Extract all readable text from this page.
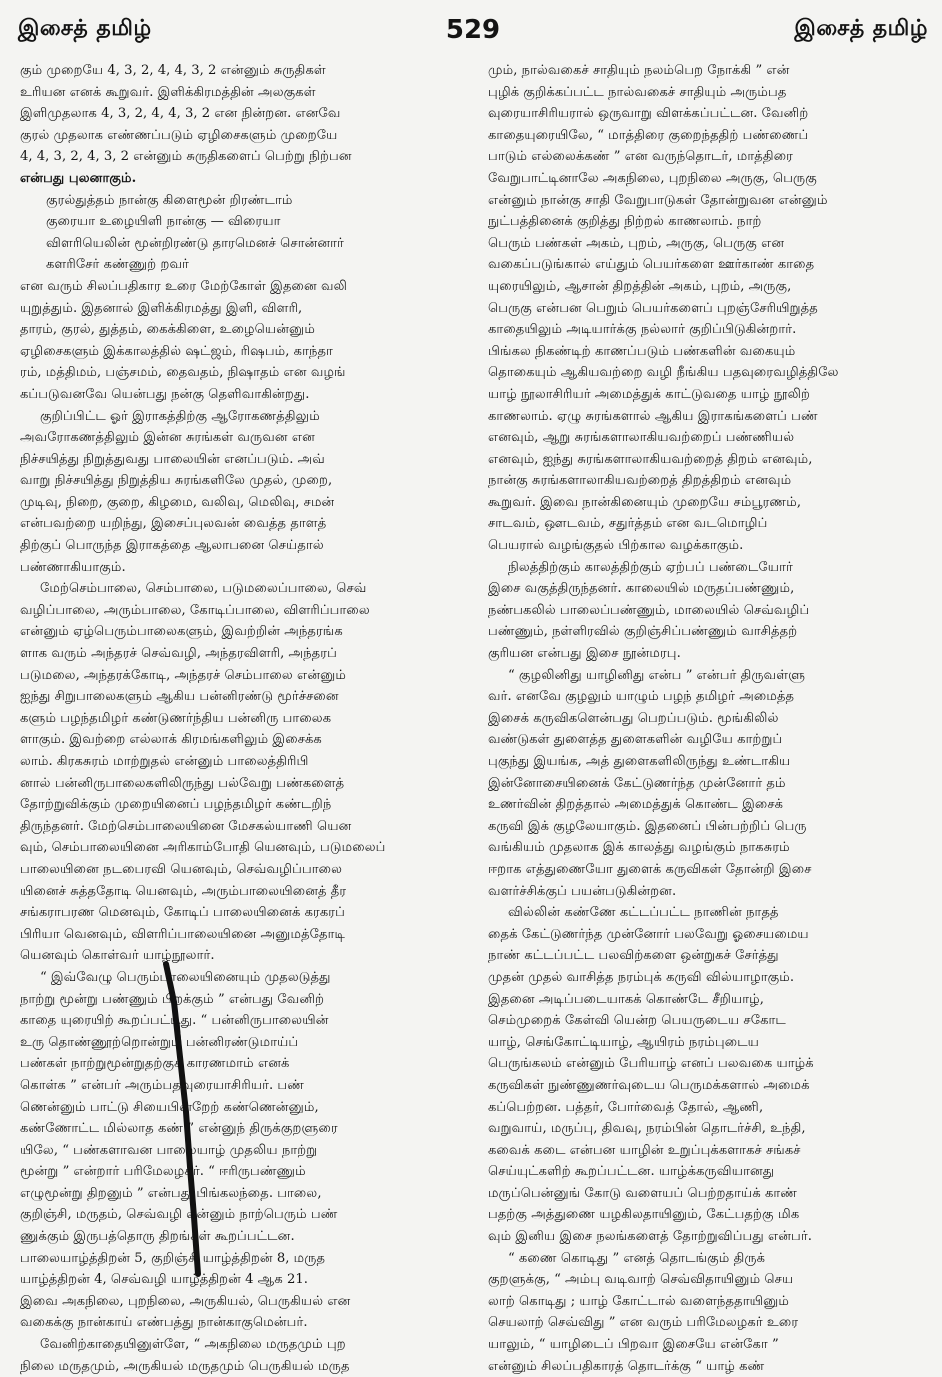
இசைத் தமிழ்	529	இசைத் தமிழ்
கும் முறையே 4, 3, 2, 4, 4, 3, 2 என்னும் சுருதிகள்
உரியன எனக் கூறுவர். இளிக்கிரமத்தின் அலகுகள்
இளிமுதலாக 4, 3, 2, 4, 4, 3, 2 என நின்றன. எனவே
குரல் முதலாக எண்ணப்படும் ஏழிசைகளும் முறையே
4, 4, 3, 2, 4, 3, 2 என்னும் சுருதிகளைப் பெற்று நிற்பன
என்பது புலனாகும்.
குரல்துத்தம் நான்கு கிளைமூன் றிரண்டாம்
குரையா உழையிளி நான்கு — விரையா
விளரியெலின் மூன்றிரண்டு தாரமெனச் சொன்னார்
களரிசேர் கண்ணுற் றவர்
என வரும் சிலப்பதிகார உரை மேற்கோள் இதனை வலி
யுறுத்தும். இதனால் இளிக்கிரமத்து இளி, விளரி,
தாரம், குரல், துத்தம், கைக்கிளை, உழையென்னும்
ஏழிசைகளும் இக்காலத்தில் ஷட்ஜம், ரிஷபம், காந்தா
ரம், மத்திமம், பஞ்சமம், தைவதம், நிஷாதம் என வழங்
கப்படுவனவே யென்பது நன்கு தெளிவாகின்றது.
குறிப்பிட்ட ஓர் இராகத்திற்கு ஆரோகணத்திலும்
அவரோகணத்திலும் இன்ன சுரங்கள் வருவன என
நிச்சயித்து நிறுத்துவது பாலையின் எனப்படும். அவ்
வாறு நிச்சயித்து நிறுத்திய சுரங்களிலே முதல், முறை,
முடிவு, நிறை, குறை, கிழமை, வலிவு, மெலிவு, சமன்
என்பவற்றை யறிந்து, இசைப்புலவன் வைத்த தாளத்
திற்குப் பொருந்த இராகத்தை ஆலாபனை செய்தால்
பண்ணாகியாகும்.
மேற்செம்பாலை, செம்பாலை, படுமலைப்பாலை, செவ்
வழிப்பாலை, அரும்பாலை, கோடிப்பாலை, விளரிப்பாலை
என்னும் ஏழ்பெரும்பாலைகளும், இவற்றின் அந்தரங்க
ளாக வரும் அந்தரச் செவ்வழி, அந்தரவிளரி, அந்தரப்
படுமலை, அந்தரக்கோடி, அந்தரச் செம்பாலை என்னும்
ஐந்து சிறுபாலைகளும் ஆகிய பன்னிரண்டு மூர்ச்சனை
களும் பழந்தமிழர் கண்டுணர்ந்திய பன்னிரு பாலைக
ளாகும். இவற்றை எல்லாக் கிரமங்களிலும் இசைக்க
லாம். கிரகசுரம் மாற்றுதல் என்னும் பாலைத்திரிபி
னால் பன்னிருபாலைகளிலிருந்து பல்வேறு பண்களைத்
தோற்றுவிக்கும் முறையினைப் பழந்தமிழர் கண்டறிந்
திருந்தனர். மேற்செம்பாலையினை மேசகல்யாணி யென
வும், செம்பாலையினை அரிகாம்போதி யெனவும், படுமலைப்
பாலையினை நடபைரவி யெனவும், செவ்வழிப்பாலை
யினைச் சுத்ததோடி யெனவும், அரும்பாலையினைத் தீர
சங்கராபரண மெனவும், கோடிப் பாலையினைக் கரகரப்
பிரியா வெனவும், விளரிப்பாலையினை அனுமத்தோடி
யெனவும் கொள்வர் யாழ்நூலார்.
“ இவ்வேழு பெரும்பாலையினையும் முதலடுத்து
நாற்று மூன்று பண்ணும் பிறக்கும் ” என்பது வேனிற்
காதை யுரையிற் கூறப்பட்டது. “ பன்னிருபாலையின்
உரு தொண்ணூற்றொன்றும் பன்னிரண்டுமாய்ப்
பண்கள் நாற்றுமூன்றுதற்குக் காரணமாம் எனக்
கொள்க ” என்பர் அரும்பதவுரையாசிரியர். பண்
ணென்னும் பாட்டு சியைபின்றேற் கண்ணென்னும்,
கண்ணோட்ட மில்லாத கண் ” என்னுந் திருக்குறளுரை
யிலே, “ பண்களாவன பாலையாழ் முதலிய நாற்று
மூன்று ” என்றார் பரிமேலழகர். “ ஈரிருபண்ணும்
எழுமூன்று திறனும் ” என்பது பிங்கலந்தை. பாலை,
குறிஞ்சி, மருதம், செவ்வழி என்னும் நாற்பெரும் பண்
ணுக்கும் இருபத்தொரு திறங்கள் கூறப்பட்டன.
பாலையாழ்த்திறன் 5, குறிஞ்சி யாழ்த்திறன் 8, மருத
யாழ்த்திறன் 4, செவ்வழி யாழ்த்திறன் 4 ஆக 21.
இவை அகநிலை, புறநிலை, அருகியல், பெருகியல் என
வகைக்கு நான்காய் எண்பத்து நான்காகுமென்பர்.
வேனிற்காதையினுள்ளே, “ அகநிலை மருதமும் புற
நிலை மருதமும், அருகியல் மருதமும் பெருகியல் மருத
மும், நால்வகைச் சாதியும் நலம்பெற நோக்கி ” என்
புழிக் குறிக்கப்பட்ட நால்வகைச் சாதியும் அரும்பத
வுரையாசிரியரால் ஒருவாறு விளக்கப்பட்டன. வேனிற்
காதையுரையிலே, “ மாத்திரை குறைந்ததிற் பண்ணைப்
பாடும் எல்லைக்கண் ” என வருந்தொடர், மாத்திரை
வேறுபாட்டினாலே அகநிலை, புறநிலை அருகு, பெருகு
என்னும் நான்கு சாதி வேறுபாடுகள் தோன்றுவன என்னும்
நுட்பத்தினைக் குறித்து நிற்றல் காணலாம். நாற்
பெரும் பண்கள் அகம், புறம், அருகு, பெருகு என
வகைப்படுங்கால் எய்தும் பெயர்களை ஊர்காண் காதை
யுரையிலும், ஆசான் திறத்தின் அகம், புறம், அருகு,
பெருகு என்பன பெறும் பெயர்களைப் புறஞ்சேரியிறுத்த
காதையிலும் அடியார்க்கு நல்லார் குறிப்பிடுகின்றார்.
பிங்கல நிகண்டிற் காணப்படும் பண்களின் வகையும்
தொகையும் ஆகியவற்றை வழி நீங்கிய பதவுரைவழித்திலே
யாழ் நூலாசிரியர் அமைத்துக் காட்டுவதை யாழ் நூலிற்
காணலாம். ஏழு சுரங்களால் ஆகிய இராகங்களைப் பண்
எனவும், ஆறு சுரங்களாலாகியவற்றைப் பண்ணியல்
எனவும், ஐந்து சுரங்களாலாகியவற்றைத் திறம் எனவும்,
நான்கு சுரங்களாலாகியவற்றைத் திறத்திறம் எனவும்
கூறுவர். இவை நான்கினையும் முறையே சம்பூரணம்,
சாடவம், ஔடவம், சதுர்த்தம் என வடமொழிப்
பெயரால் வழங்குதல் பிற்கால வழக்காகும்.
நிலத்திற்கும் காலத்திற்கும் ஏற்பப் பண்டையோர்
இசை வகுத்திருந்தனர். காலையில் மருதப்பண்ணும்,
நண்பகலில் பாலைப்பண்ணும், மாலையில் செவ்வழிப்
பண்ணும், நள்ளிரவில் குறிஞ்சிப்பண்ணும் வாசித்தற்
குரியன என்பது இசை நூன்மரபு.
“ குழலினிது யாழினிது என்ப ” என்பர் திருவள்ளு
வர். எனவே குழலும் யாழும் பழந் தமிழர் அமைத்த
இசைக் கருவிகளென்பது பெறப்படும். மூங்கிலில்
வண்டுகள் துளைத்த துளைகளின் வழியே காற்றுப்
புகுந்து இயங்க, அத் துளைகளிலிருந்து உண்டாகிய
இன்னோசையினைக் கேட்டுணர்ந்த முன்னோர் தம்
உணர்வின் திறத்தால் அமைத்துக் கொண்ட இசைக்
கருவி இக் குழலேயாகும். இதனைப் பின்பற்றிப் பெரு
வங்கியம் முதலாக இக் காலத்து வழங்கும் நாகசுரம்
ஈறாக எத்துணையோ துளைக் கருவிகள் தோன்றி இசை
வளர்ச்சிக்குப் பயன்படுகின்றன.
வில்லின் கண்ணே கட்டப்பட்ட நாணின் நாதத்
தைக் கேட்டுணர்ந்த முன்னோர் பலவேறு ஓசையமைய
நாண் கட்டப்பட்ட பலவிற்களை ஒன்றுகச் சேர்த்து
முதன் முதல் வாசித்த நரம்புக் கருவி வில்யாழாகும்.
இதனை அடிப்படையாகக் கொண்டே சீறியாழ்,
செம்முறைக் கேள்வி யென்ற பெயருடைய சகோட
யாழ், செங்கோட்டியாழ், ஆயிரம் நரம்புடைய
பெருங்கலம் என்னும் பேரியாழ் எனப் பலவகை யாழ்க்
கருவிகள் நுண்ணுணர்வுடைய பெருமக்களால் அமைக்
கப்பெற்றன. பத்தர், போர்வைத் தோல், ஆணி,
வறுவாய், மருப்பு, திவவு, நரம்பின் தொடர்ச்சி, உந்தி,
கவைக் கடை என்பன யாழின் உறுப்புக்களாகச் சங்கச்
செய்யுட்களிற் கூறப்பட்டன. யாழ்க்கருவியானது
மருப்பென்னுங் கோடு வளையப் பெற்றதாய்க் காண்
பதற்கு அத்துணை யழகிலதாயினும், கேட்பதற்கு மிக
வும் இனிய இசை நலங்களைத் தோற்றுவிப்பது என்பர்.
“ கணை கொடிது ” எனத் தொடங்கும் திருக்
குறளுக்கு, “ அம்பு வடிவாற் செவ்விதாயினும் செய
லாற் கொடிது ; யாழ் கோட்டால் வளைந்ததாயினும்
செயலாற் செவ்விது ” என வரும் பரிமேலழகர் உரை
யாலும், “ யாழிடைப் பிறவா இசையே என்கோ ”
என்னும் சிலப்பதிகாரத் தொடர்க்கு “ யாழ் கண்
